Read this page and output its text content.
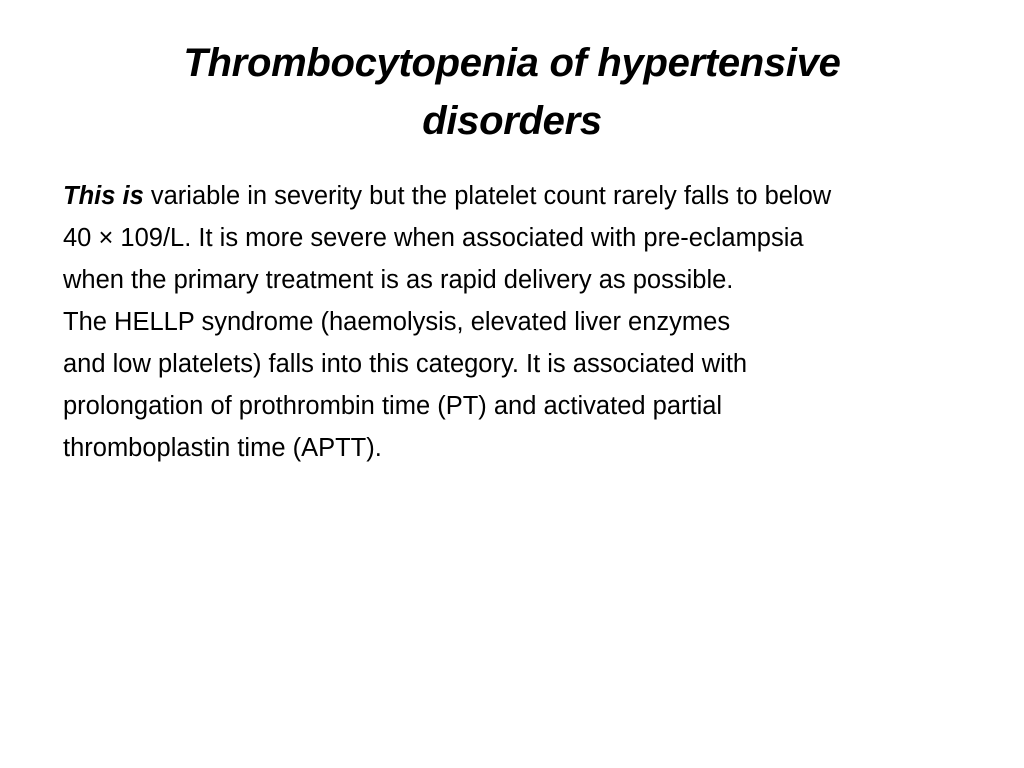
Thrombocytopenia of hypertensive
disorders

This is variable in severity but the platelet count rarely falls to below

40 × 109/L. It is more severe when associated with pre-eclampsia

when the primary treatment is as rapid delivery as possible.

The HELLP syndrome (haemolysis, elevated liver enzymes

and low platelets) falls into this category. It is associated with

prolongation of prothrombin time (PT) and activated partial

thromboplastin time (APTT).
